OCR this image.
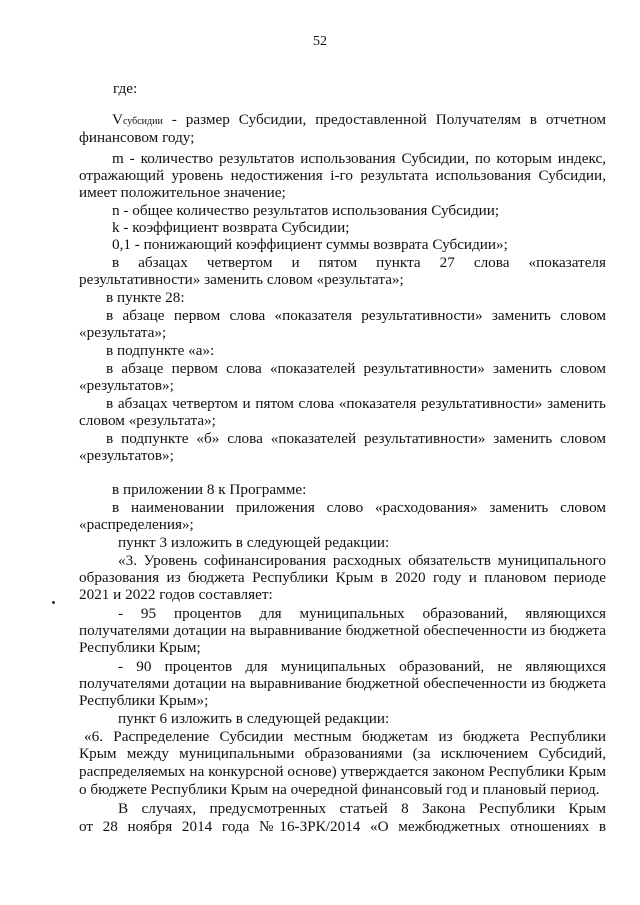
52
где:
Vсубсидии - размер Субсидии, предоставленной Получателям в отчетном
финансовом году;
m - количество результатов использования Субсидии, по которым индекс,
отражающий уровень недостижения i-го результата использования Субсидии,
имеет положительное значение;
n - общее количество результатов использования Субсидии;
k - коэффициент возврата Субсидии;
0,1 - понижающий коэффициент суммы возврата Субсидии»;
в абзацах четвертом и пятом пункта 27 слова «показателя
результативности» заменить словом «результата»;
в пункте 28:
в абзаце первом слова «показателя результативности» заменить словом
«результата»;
в подпункте «а»:
в абзаце первом слова «показателей результативности» заменить словом
«результатов»;
в абзацах четвертом и пятом слова «показателя результативности» заменить
словом «результата»;
в подпункте «б» слова «показателей результативности» заменить словом
«результатов»;
в приложении 8 к Программе:
в наименовании приложения слово «расходования» заменить словом
«распределения»;
пункт 3 изложить в следующей редакции:
«3. Уровень софинансирования расходных обязательств муниципального
образования из бюджета Республики Крым в 2020 году и плановом периоде
2021 и 2022 годов составляет:
- 95 процентов для муниципальных образований, являющихся
получателями дотации на выравнивание бюджетной обеспеченности из бюджета
Республики Крым;
- 90 процентов для муниципальных образований, не являющихся
получателями дотации на выравнивание бюджетной обеспеченности из бюджета
Республики Крым»;
пункт 6 изложить в следующей редакции:
«6. Распределение Субсидии местным бюджетам из бюджета Республики
Крым между муниципальными образованиями (за исключением Субсидий,
распределяемых на конкурсной основе) утверждается законом Республики Крым
о бюджете Республики Крым на очередной финансовый год и плановый период.
В случаях, предусмотренных статьей 8 Закона Республики Крым
от 28 ноября 2014 года №16-ЗРК/2014 «О межбюджетных отношениях в
